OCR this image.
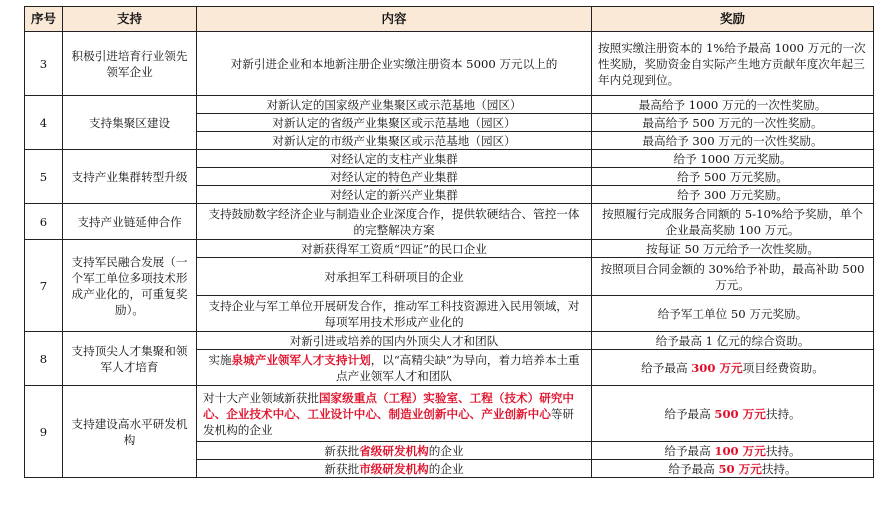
序号	支持	内容	奖励
3	积极引进培育行业领先领军企业	对新引进企业和本地新注册企业实缴注册资本 5000 万元以上的	按照实缴注册资本的 1%给予最高 1000 万元的一次性奖励，奖励资金自实际产生地方贡献年度次年起三年内兑现到位。
4	支持集聚区建设	对新认定的国家级产业集聚区或示范基地（园区）	最高给予 1000 万元的一次性奖励。
		对新认定的省级产业集聚区或示范基地（园区）	最高给予 500 万元的一次性奖励。
		对新认定的市级产业集聚区或示范基地（园区）	最高给予 300 万元的一次性奖励。
5	支持产业集群转型升级	对经认定的支柱产业集群	给予 1000 万元奖励。
		对经认定的特色产业集群	给予 500 万元奖励。
		对经认定的新兴产业集群	给予 300 万元奖励。
6	支持产业链延伸合作	支持鼓励数字经济企业与制造业企业深度合作，提供软硬结合、管控一体的完整解决方案	按照履行完成服务合同额的 5-10%给予奖励，单个企业最高奖励 100 万元。
7	支持军民融合发展（一个军工单位多项技术形成产业化的，可重复奖励）。	对新获得军工资质“四证”的民口企业	按每证 50 万元给予一次性奖励。
		对承担军工科研项目的企业	按照项目合同金额的 30%给予补助，最高补助 500 万元。
		支持企业与军工单位开展研发合作，推动军工科技资源进入民用领域，对每项军用技术形成产业化的	给予军工单位 50 万元奖励。
8	支持顶尖人才集聚和领军人才培育	对新引进或培养的国内外顶尖人才和团队	给予最高 1 亿元的综合资助。
		实施泉城产业领军人才支持计划，以“高精尖缺”为导向，着力培养本土重点产业领军人才和团队	给予最高 300 万元项目经费资助。
9	支持建设高水平研发机构	对十大产业领域新获批国家级重点（工程）实验室、工程（技术）研究中心、企业技术中心、工业设计中心、制造业创新中心、产业创新中心等研发机构的企业	给予最高 500 万元扶持。
		新获批省级研发机构的企业	给予最高 100 万元扶持。
		新获批市级研发机构的企业	给予最高 50 万元扶持。
